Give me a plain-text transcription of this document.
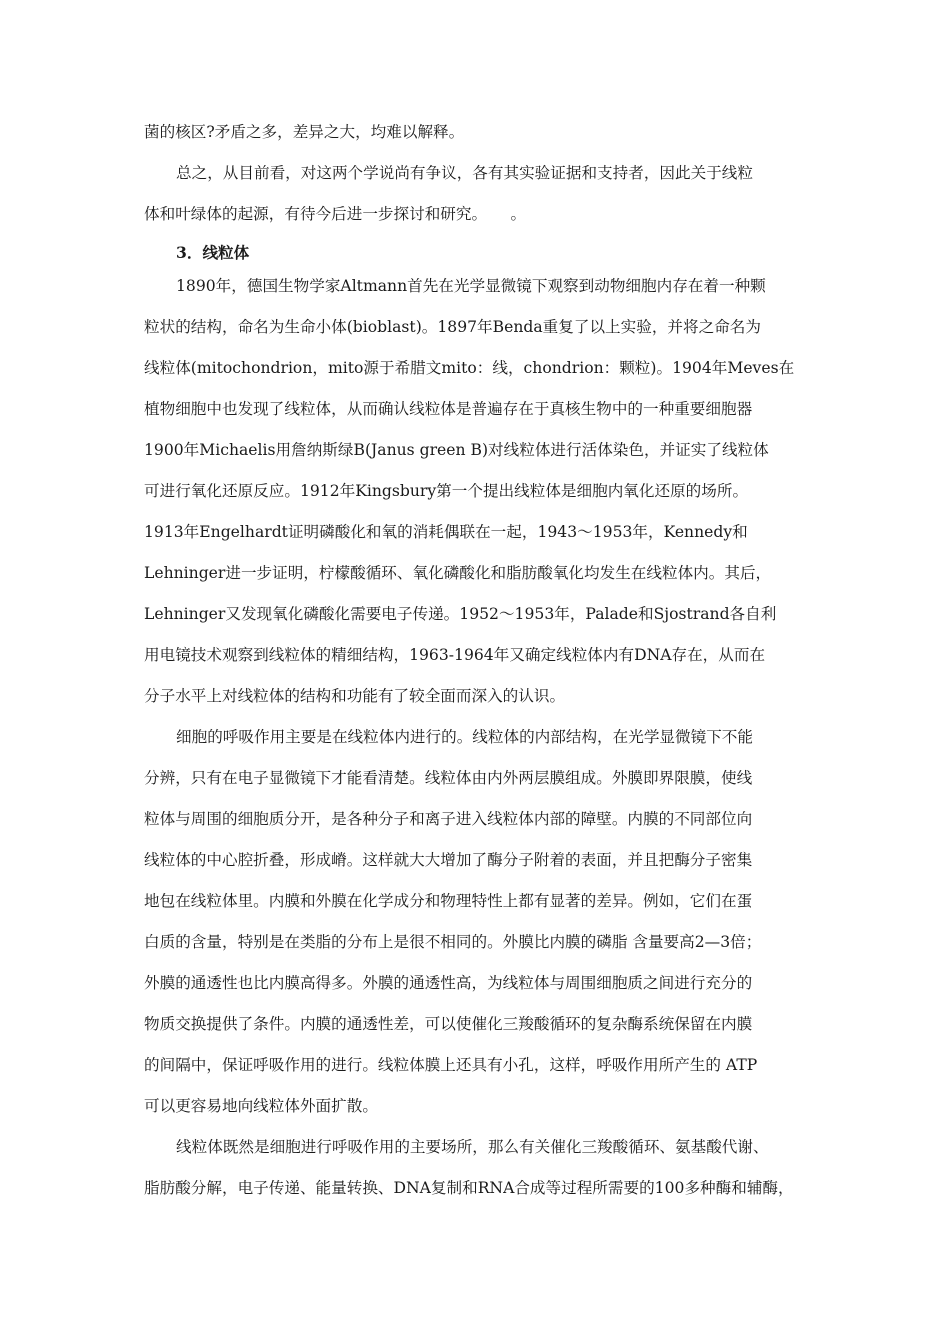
菌的核区?矛盾之多，差异之大，均难以解释。
总之，从目前看，对这两个学说尚有争议，各有其实验证据和支持者，因此关于线粒
体和叶绿体的起源，有待今后进一步探讨和研究。　　。
3．线粒体
1890年，德国生物学家Altmann首先在光学显微镜下观察到动物细胞内存在着一种颗
粒状的结构，命名为生命小体(bioblast)。1897年Benda重复了以上实验，并将之命名为
线粒体(mitochondrion，mito源于希腊文mito：线，chondrion：颗粒)。1904年Meves在
植物细胞中也发现了线粒体，从而确认线粒体是普遍存在于真核生物中的一种重要细胞器
1900年Michaelis用詹纳斯绿B(Janus green B)对线粒体进行活体染色，并证实了线粒体
可进行氧化还原反应。1912年Kingsbury第一个提出线粒体是细胞内氧化还原的场所。
1913年Engelhardt证明磷酸化和氧的消耗偶联在一起，1943～1953年，Kennedy和
Lehninger进一步证明，柠檬酸循环、氧化磷酸化和脂肪酸氧化均发生在线粒体内。其后，
Lehninger又发现氧化磷酸化需要电子传递。1952～1953年，Palade和Sjostrand各自利
用电镜技术观察到线粒体的精细结构，1963-1964年又确定线粒体内有DNA存在，从而在
分子水平上对线粒体的结构和功能有了较全面而深入的认识。
细胞的呼吸作用主要是在线粒体内进行的。线粒体的内部结构，在光学显微镜下不能
分辨，只有在电子显微镜下才能看清楚。线粒体由内外两层膜组成。外膜即界限膜，使线
粒体与周围的细胞质分开，是各种分子和离子进入线粒体内部的障壁。内膜的不同部位向
线粒体的中心腔折叠，形成嵴。这样就大大增加了酶分子附着的表面，并且把酶分子密集
地包在线粒体里。内膜和外膜在化学成分和物理特性上都有显著的差异。例如，它们在蛋
白质的含量，特别是在类脂的分布上是很不相同的。外膜比内膜的磷脂 含量要高2—3倍；
外膜的通透性也比内膜高得多。外膜的通透性高，为线粒体与周围细胞质之间进行充分的
物质交换提供了条件。内膜的通透性差，可以使催化三羧酸循环的复杂酶系统保留在内膜
的间隔中，保证呼吸作用的进行。线粒体膜上还具有小孔，这样，呼吸作用所产生的 ATP
可以更容易地向线粒体外面扩散。
线粒体既然是细胞进行呼吸作用的主要场所，那么有关催化三羧酸循环、氨基酸代谢、
脂肪酸分解，电子传递、能量转换、DNA复制和RNA合成等过程所需要的100多种酶和辅酶，
